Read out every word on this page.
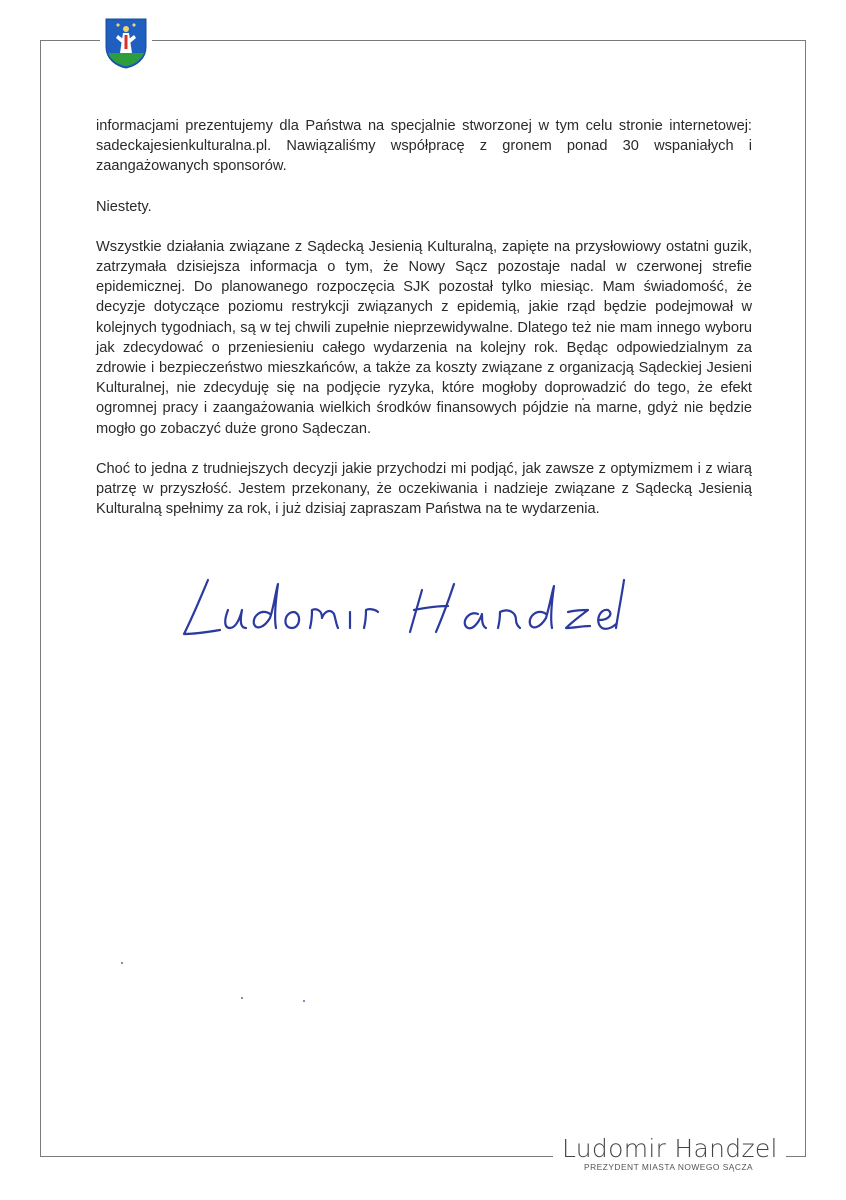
informacjami prezentujemy dla Państwa na specjalnie stworzonej w tym celu stronie internetowej: sadeckajesienkulturalna.pl. Nawiązaliśmy współpracę z gronem ponad 30 wspaniałych i zaangażowanych sponsorów.

Niestety.

Wszystkie działania związane z Sądecką Jesienią Kulturalną, zapięte na przysłowiowy ostatni guzik, zatrzymała dzisiejsza informacja o tym, że Nowy Sącz pozostaje nadal w czerwonej strefie epidemicznej. Do planowanego rozpoczęcia SJK pozostał tylko miesiąc. Mam świadomość, że decyzje dotyczące poziomu restrykcji związanych z epidemią, jakie rząd będzie podejmował w kolejnych tygodniach, są w tej chwili zupełnie nieprzewidywalne. Dlatego też nie mam innego wyboru jak zdecydować o przeniesieniu całego wydarzenia na kolejny rok. Będąc odpowiedzialnym za zdrowie i bezpieczeństwo mieszkańców, a także za koszty związane z organizacją Sądeckiej Jesieni Kulturalnej, nie zdecyduję się na podjęcie ryzyka, które mogłoby doprowadzić do tego, że efekt ogromnej pracy i zaangażowania wielkich środków finansowych pójdzie na marne, gdyż nie będzie mogło go zobaczyć duże grono Sądeczan.

Choć to jedna z trudniejszych decyzji jakie przychodzi mi podjąć, jak zawsze z optymizmem i z wiarą patrzę w przyszłość. Jestem przekonany, że oczekiwania i nadzieje związane z Sądecką Jesienią Kulturalną spełnimy za rok, i już dzisiaj zapraszam Państwa na te wydarzenia.

Ludomir Handzel
PREZYDENT MIASTA NOWEGO SĄCZA
